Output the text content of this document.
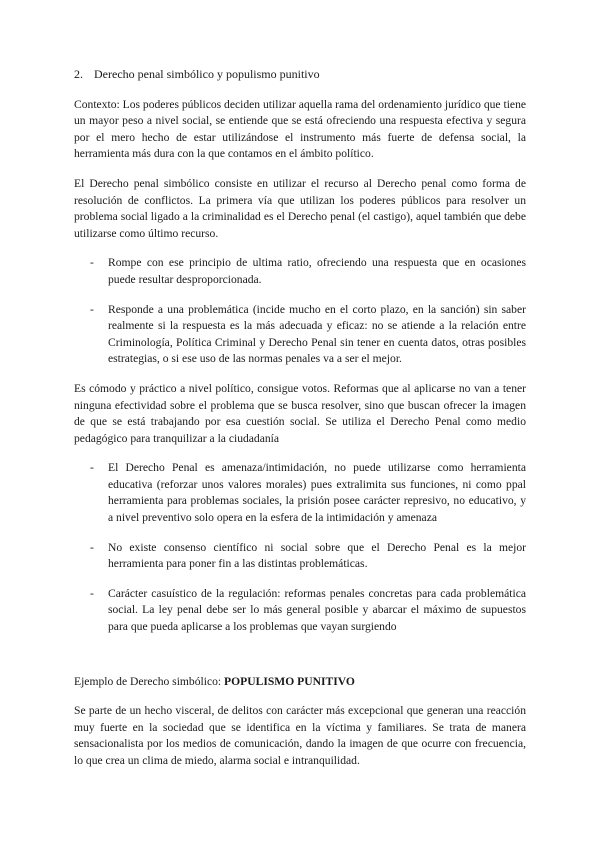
2. Derecho penal simbólico y populismo punitivo

Contexto: Los poderes públicos deciden utilizar aquella rama del ordenamiento jurídico que tiene un mayor peso a nivel social, se entiende que se está ofreciendo una respuesta efectiva y segura por el mero hecho de estar utilizándose el instrumento más fuerte de defensa social, la herramienta más dura con la que contamos en el ámbito político.

El Derecho penal simbólico consiste en utilizar el recurso al Derecho penal como forma de resolución de conflictos. La primera vía que utilizan los poderes públicos para resolver un problema social ligado a la criminalidad es el Derecho penal (el castigo), aquel también que debe utilizarse como último recurso.

- Rompe con ese principio de ultima ratio, ofreciendo una respuesta que en ocasiones puede resultar desproporcionada.
- Responde a una problemática (incide mucho en el corto plazo, en la sanción) sin saber realmente si la respuesta es la más adecuada y eficaz: no se atiende a la relación entre Criminología, Política Criminal y Derecho Penal sin tener en cuenta datos, otras posibles estrategias, o si ese uso de las normas penales va a ser el mejor.

Es cómodo y práctico a nivel político, consigue votos. Reformas que al aplicarse no van a tener ninguna efectividad sobre el problema que se busca resolver, sino que buscan ofrecer la imagen de que se está trabajando por esa cuestión social. Se utiliza el Derecho Penal como medio pedagógico para tranquilizar a la ciudadanía

- El Derecho Penal es amenaza/intimidación, no puede utilizarse como herramienta educativa (reforzar unos valores morales) pues extralimita sus funciones, ni como ppal herramienta para problemas sociales, la prisión posee carácter represivo, no educativo, y a nivel preventivo solo opera en la esfera de la intimidación y amenaza
- No existe consenso científico ni social sobre que el Derecho Penal es la mejor herramienta para poner fin a las distintas problemáticas.
- Carácter casuístico de la regulación: reformas penales concretas para cada problemática social. La ley penal debe ser lo más general posible y abarcar el máximo de supuestos para que pueda aplicarse a los problemas que vayan surgiendo

Ejemplo de Derecho simbólico: POPULISMO PUNITIVO

Se parte de un hecho visceral, de delitos con carácter más excepcional que generan una reacción muy fuerte en la sociedad que se identifica en la víctima y familiares. Se trata de manera sensacionalista por los medios de comunicación, dando la imagen de que ocurre con frecuencia, lo que crea un clima de miedo, alarma social e intranquilidad.
